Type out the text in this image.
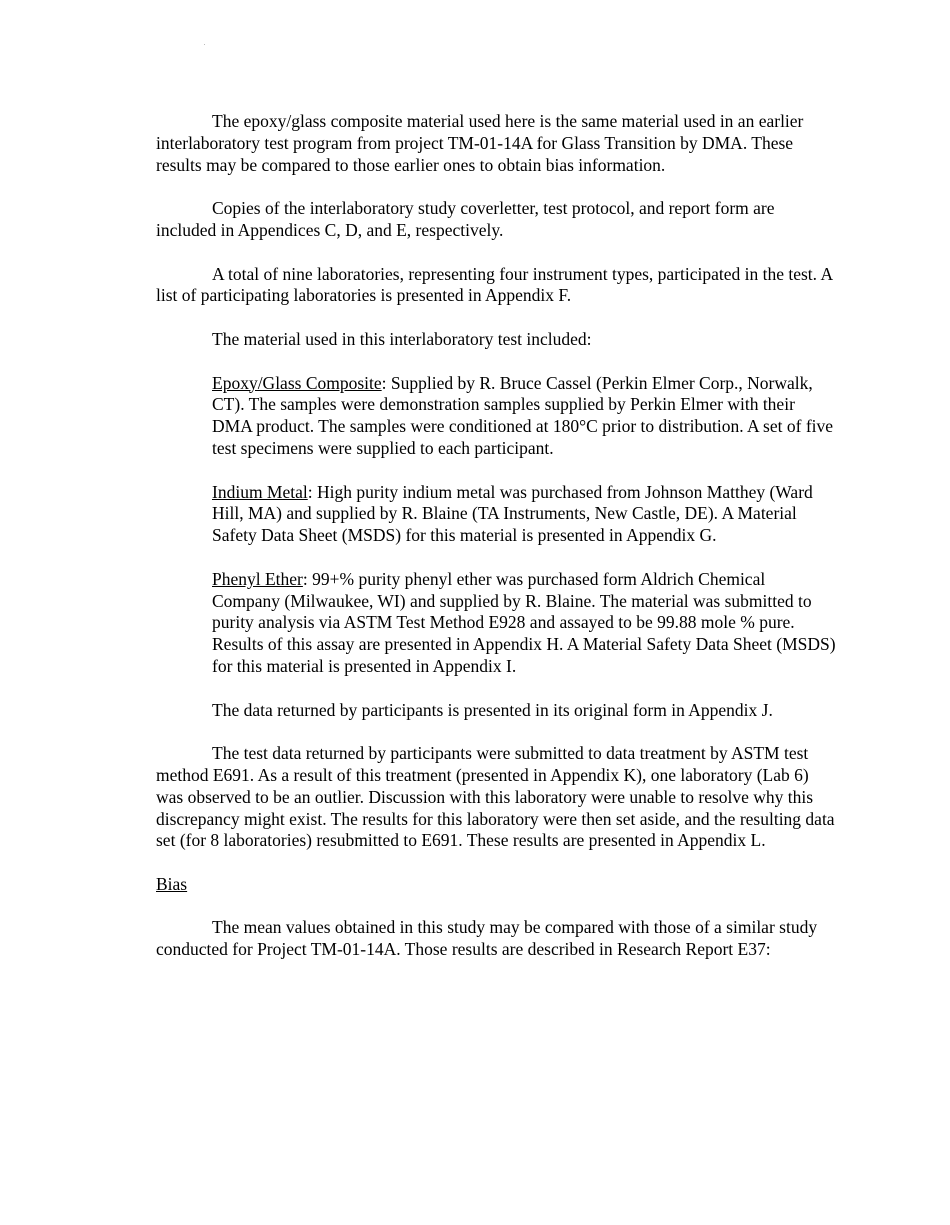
The epoxy/glass composite material used here is the same material used in an earlier interlaboratory test program from project TM-01-14A for Glass Transition by DMA. These results may be compared to those earlier ones to obtain bias information.

Copies of the interlaboratory study coverletter, test protocol, and report form are included in Appendices C, D, and E, respectively.

A total of nine laboratories, representing four instrument types, participated in the test. A list of participating laboratories is presented in Appendix F.

The material used in this interlaboratory test included:

Epoxy/Glass Composite: Supplied by R. Bruce Cassel (Perkin Elmer Corp., Norwalk, CT). The samples were demonstration samples supplied by Perkin Elmer with their DMA product. The samples were conditioned at 180°C prior to distribution. A set of five test specimens were supplied to each participant.

Indium Metal: High purity indium metal was purchased from Johnson Matthey (Ward Hill, MA) and supplied by R. Blaine (TA Instruments, New Castle, DE). A Material Safety Data Sheet (MSDS) for this material is presented in Appendix G.

Phenyl Ether: 99+% purity phenyl ether was purchased form Aldrich Chemical Company (Milwaukee, WI) and supplied by R. Blaine. The material was submitted to purity analysis via ASTM Test Method E928 and assayed to be 99.88 mole % pure. Results of this assay are presented in Appendix H. A Material Safety Data Sheet (MSDS) for this material is presented in Appendix I.

The data returned by participants is presented in its original form in Appendix J.

The test data returned by participants were submitted to data treatment by ASTM test method E691. As a result of this treatment (presented in Appendix K), one laboratory (Lab 6) was observed to be an outlier. Discussion with this laboratory were unable to resolve why this discrepancy might exist. The results for this laboratory were then set aside, and the resulting data set (for 8 laboratories) resubmitted to E691. These results are presented in Appendix L.

Bias

The mean values obtained in this study may be compared with those of a similar study conducted for Project TM-01-14A. Those results are described in Research Report E37:
